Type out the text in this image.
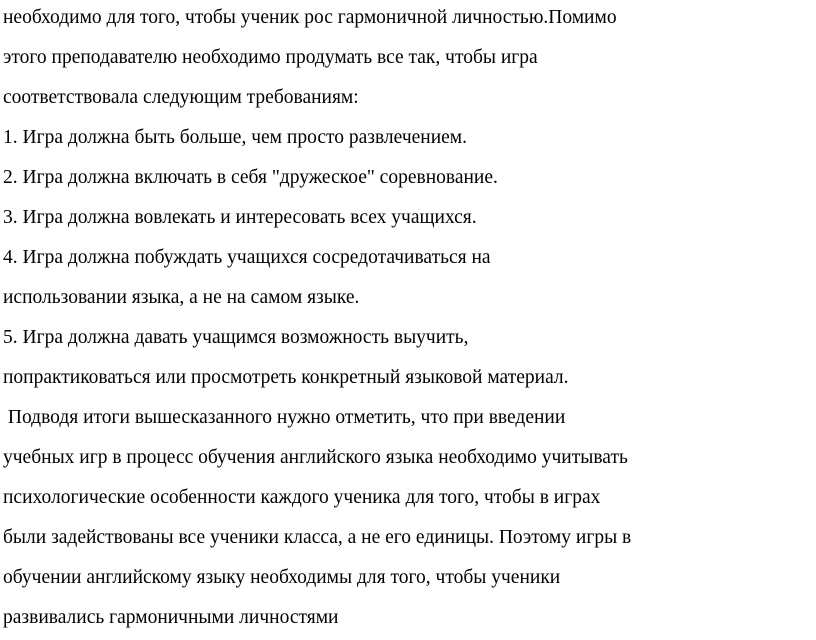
необходимо для того, чтобы ученик рос гармоничной личностью.Помимо

этого преподавателю необходимо продумать все так, чтобы игра

соответствовала следующим требованиям:

1. Игра должна быть больше, чем просто развлечением.

2. Игра должна включать в себя "дружеское" соревнование.

3. Игра должна вовлекать и интересовать всех учащихся.

4. Игра должна побуждать учащихся сосредотачиваться на

использовании языка, а не на самом языке.

5. Игра должна давать учащимся возможность выучить,

попрактиковаться или просмотреть конкретный языковой материал.

Подводя итоги вышесказанного нужно отметить, что при введении

учебных игр в процесс обучения английского языка необходимо учитывать

психологические особенности каждого ученика для того, чтобы в играх

были задействованы все ученики класса, а не его единицы. Поэтому игры в

обучении английскому языку необходимы для того, чтобы ученики

развивались гармоничными личностями
